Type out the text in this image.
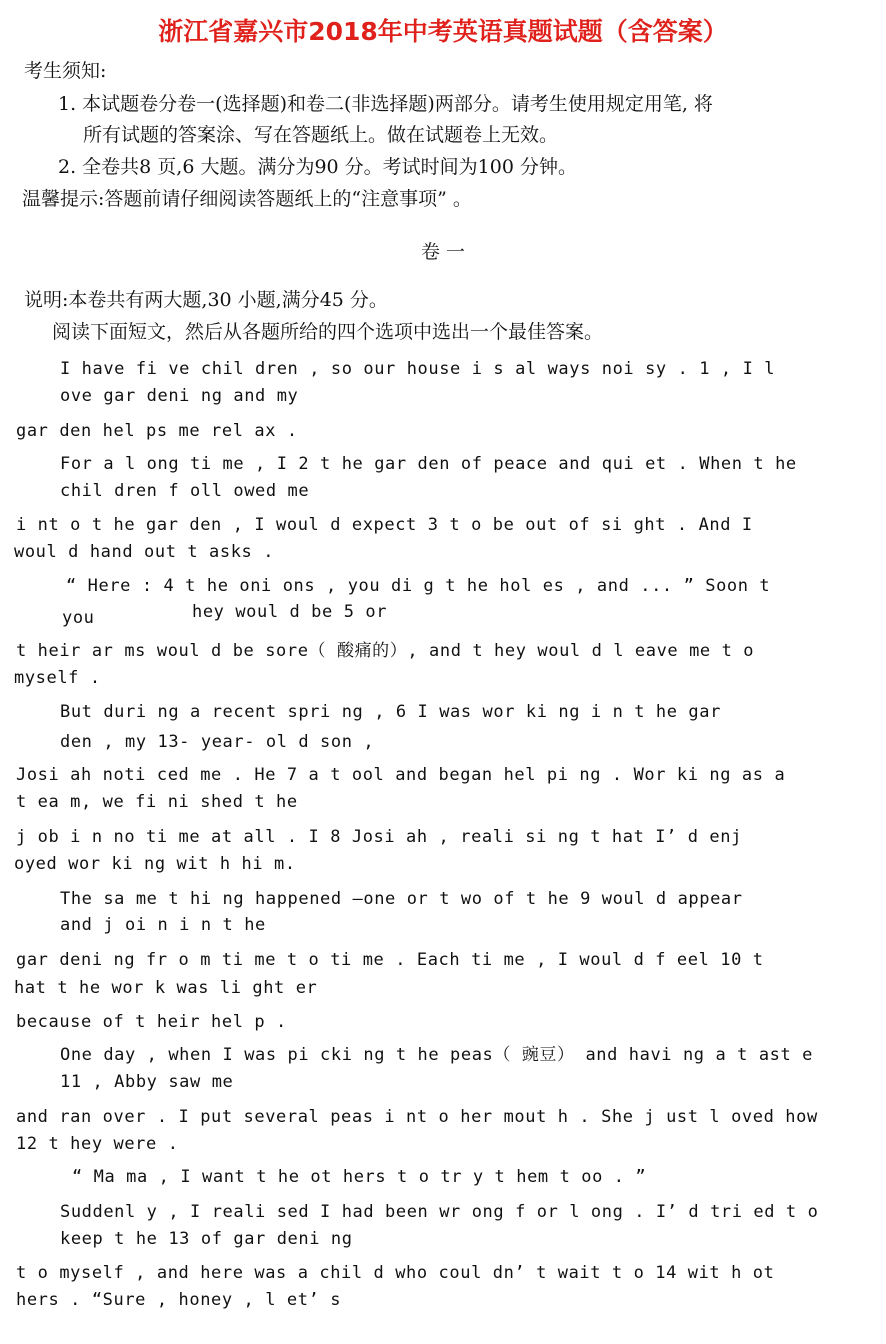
浙江省嘉兴市2018年中考英语真题试题（含答案）
考生须知:
1. 本试题卷分卷一(选择题)和卷二(非选择题)两部分。请考生使用规定用笔, 将
所有试题的答案涂、写在答题纸上。做在试题卷上无效。
2. 全卷共8 页,6 大题。满分为90 分。考试时间为100 分钟。
温馨提示:答题前请仔细阅读答题纸上的“注意事项” 。
卷 一
说明:本卷共有两大题,30 小题,满分45 分。
阅读下面短文，然后从各题所给的四个选项中选出一个最佳答案。
I have fi ve chil dren , so our house i s al ways noi sy . 1 , I l
ove gar deni ng and my
gar den hel ps me rel ax .
For a l ong ti me , I 2 t he gar den of peace and qui et . When t he
chil dren f oll owed me
i nt o t he gar den , I woul d expect 3 t o be out of si ght . And I
woul d hand out t asks .
“ Here : 4 t he oni ons , you di g t he hol es , and ... ” Soon t
you	hey woul d be 5 or
t heir ar ms woul d be sore（ 酸痛的）, and t hey woul d l eave me t o
myself .
But duri ng a recent spri ng , 6 I was wor ki ng i n t he gar
den , my 13- year- ol d son ,
Josi ah noti ced me . He 7 a t ool and began hel pi ng . Wor ki ng as a
t ea m, we fi ni shed t he
j ob i n no ti me at all . I 8 Josi ah , reali si ng t hat I’ d enj
oyed wor ki ng wit h hi m.
The sa me t hi ng happened —one or t wo of t he 9 woul d appear
and j oi n i n t he
gar deni ng fr o m ti me t o ti me . Each ti me , I woul d f eel 10 t
hat t he wor k was li ght er
because of t heir hel p .
One day , when I was pi cki ng t he peas（ 豌豆） and havi ng a t ast e
11 , Abby saw me
and ran over . I put several peas i nt o her mout h . She j ust l oved how
12 t hey were .
“ Ma ma , I want t he ot hers t o tr y t hem t oo . ”
Suddenl y , I reali sed I had been wr ong f or l ong . I’ d tri ed t o
keep t he 13 of gar deni ng
t o myself , and here was a chil d who coul dn’ t wait t o 14 wit h ot
hers . “Sure , honey , l et’ s
